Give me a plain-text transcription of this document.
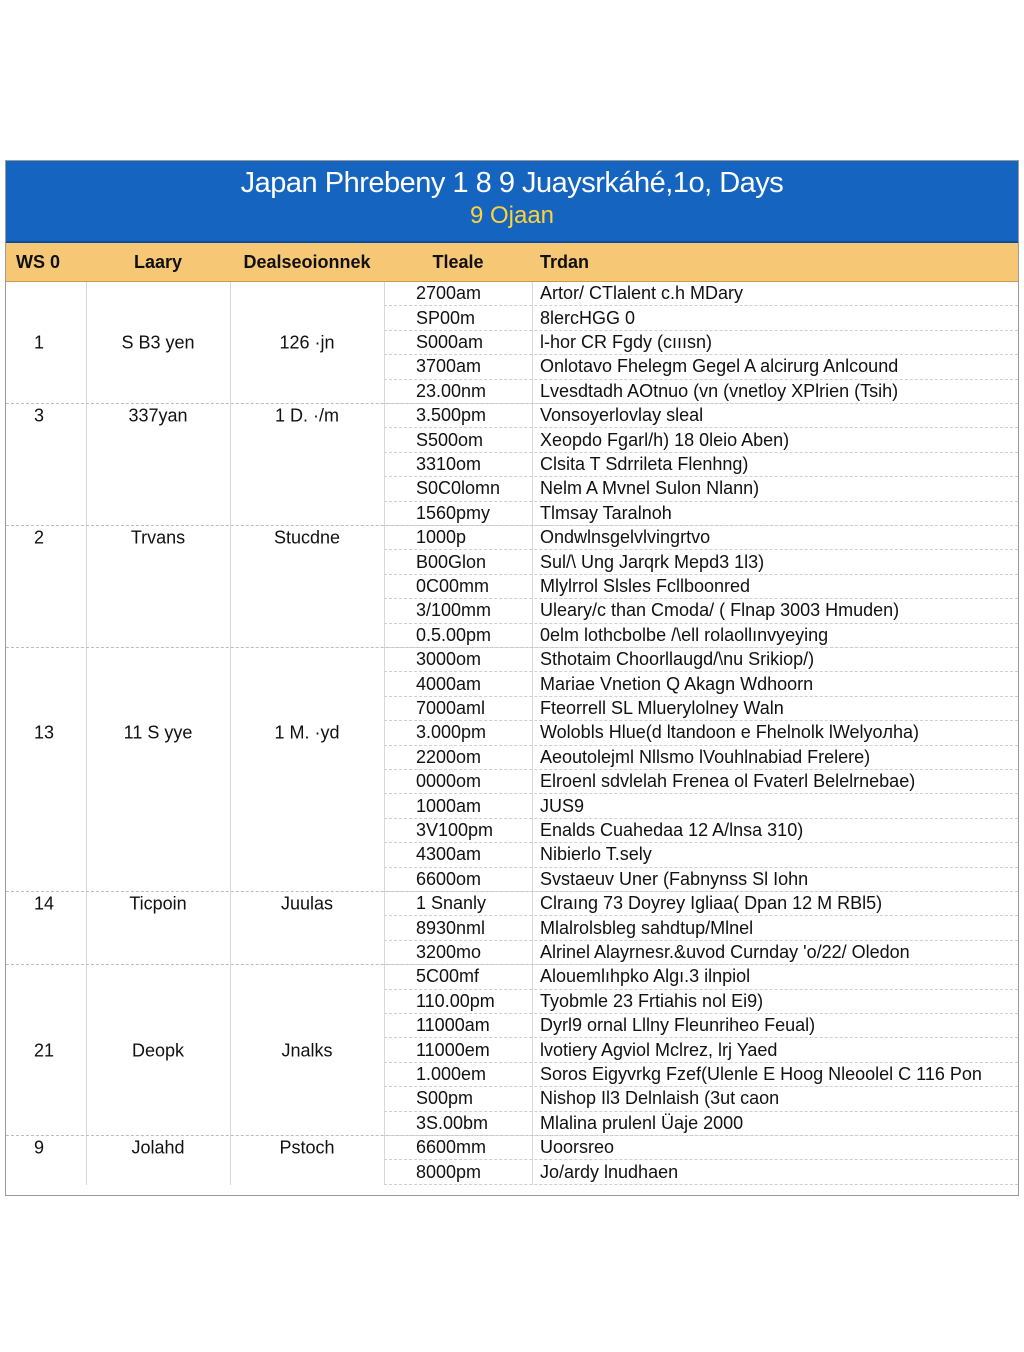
Japan Phrebeny 1 8 9 Juaysrkáhé,1ο, Days
9 Ojaan
WS 0	Laary	Dealseoionnek	Tleale	Trdan
1	S B3 yen	126 ·jn
2700am	Artor/ CTlalent c.h MDary
SP00m	8lеrсHGG 0
S000am	l-hor CR Fgdy (сııısn)
3700am	Onlotavo Fhelegm Gegel A alcirurg Anlcound
23.00nm	Lvesdtadh AOtnuo (vn (vnetloy XPlrien (Tsih)
3	337yan	1 D. ·/m	3.500pm	Vonsoyerlovlay sleal
S500om	Xeopdo Fgarl/h) 18 0leio Aben)
3310om	Clsita T Sdrrileta Flenhng)
S0C0lomn	Nelm A Mvnel Sulon Nlann)
1560pmy	Tlmsay Taralnoh
2	Trvans	Stucdne	1000p	Ondwlnsgelvlvingrtvo
B00Glon	Sul/\ Ung Jarqrk Mepd3 1l3)
0C00mm	Mlylrrol Slsles Fcllbооnred
3/100mm	Uleary/c than Cmoda/ ( Flnap 3003 Hmuden)
0.5.00pm	0elm lothcbolbe /\ell rolaollınvyеying
13	11 S yye	1 M. ·yd
3000om	Sthotaim Choorllaugd/\nu Srikiop/)
4000am	Mariae Vnetion Q Akagn Wdhoorn
7000aml	Fteorrell SL Mluerylolney Waln
3.000pm	Wolobls Hlue(d ltandoon e Fhelnolk lWelyoлha)
2200om	Aeoutolejml Nllsmo lVouhlnabiad Frelere)
0000om	Elroenl sdvlelah Frenea ol Fvaterl Belelrnebae)
1000am	JUS9
3V100pm	Enalds Cuahedaa 12 A/lnsa 310)
4300am	Nibierlo T.sely
6600om	Svstaeuv Uner (Fabnynss Sl Iohn
14	Ticpoin	Juulas	1 Snanly	Clraıng 73 Doyrey Igliaa( Dpan 12 M RBl5)
8930nml	Mlalrolsbleg sahdtup/Mlnel
3200mo	Alrinel Alayrnesr.&uvod Curnday 'o/22/ Oledon
21	Deopk	Jnalks
5C00mf	Alouemlıhpko Algı.3 ilnpiol
110.00pm	Tyobmle 23 Frtiahis nol Ei9)
11000am	Dyrl9 ornal Lllny Fleunriheo Feual)
11000em	lvotiery Agviol Mclrez, lrj Yaed
1.000em	Soros Eigyvrkg Fzef(Ulenle E Hoog Nlеoolel C 116 Pon
S00pm	Nishop Il3 Delnlaish (3ut caon
3S.00bm	Mlalina prulenl Üaje 2000
9	Jolahd	Pstoch	6600mm	Uoorsreo
8000pm	Jo/ardy lnudhaen
